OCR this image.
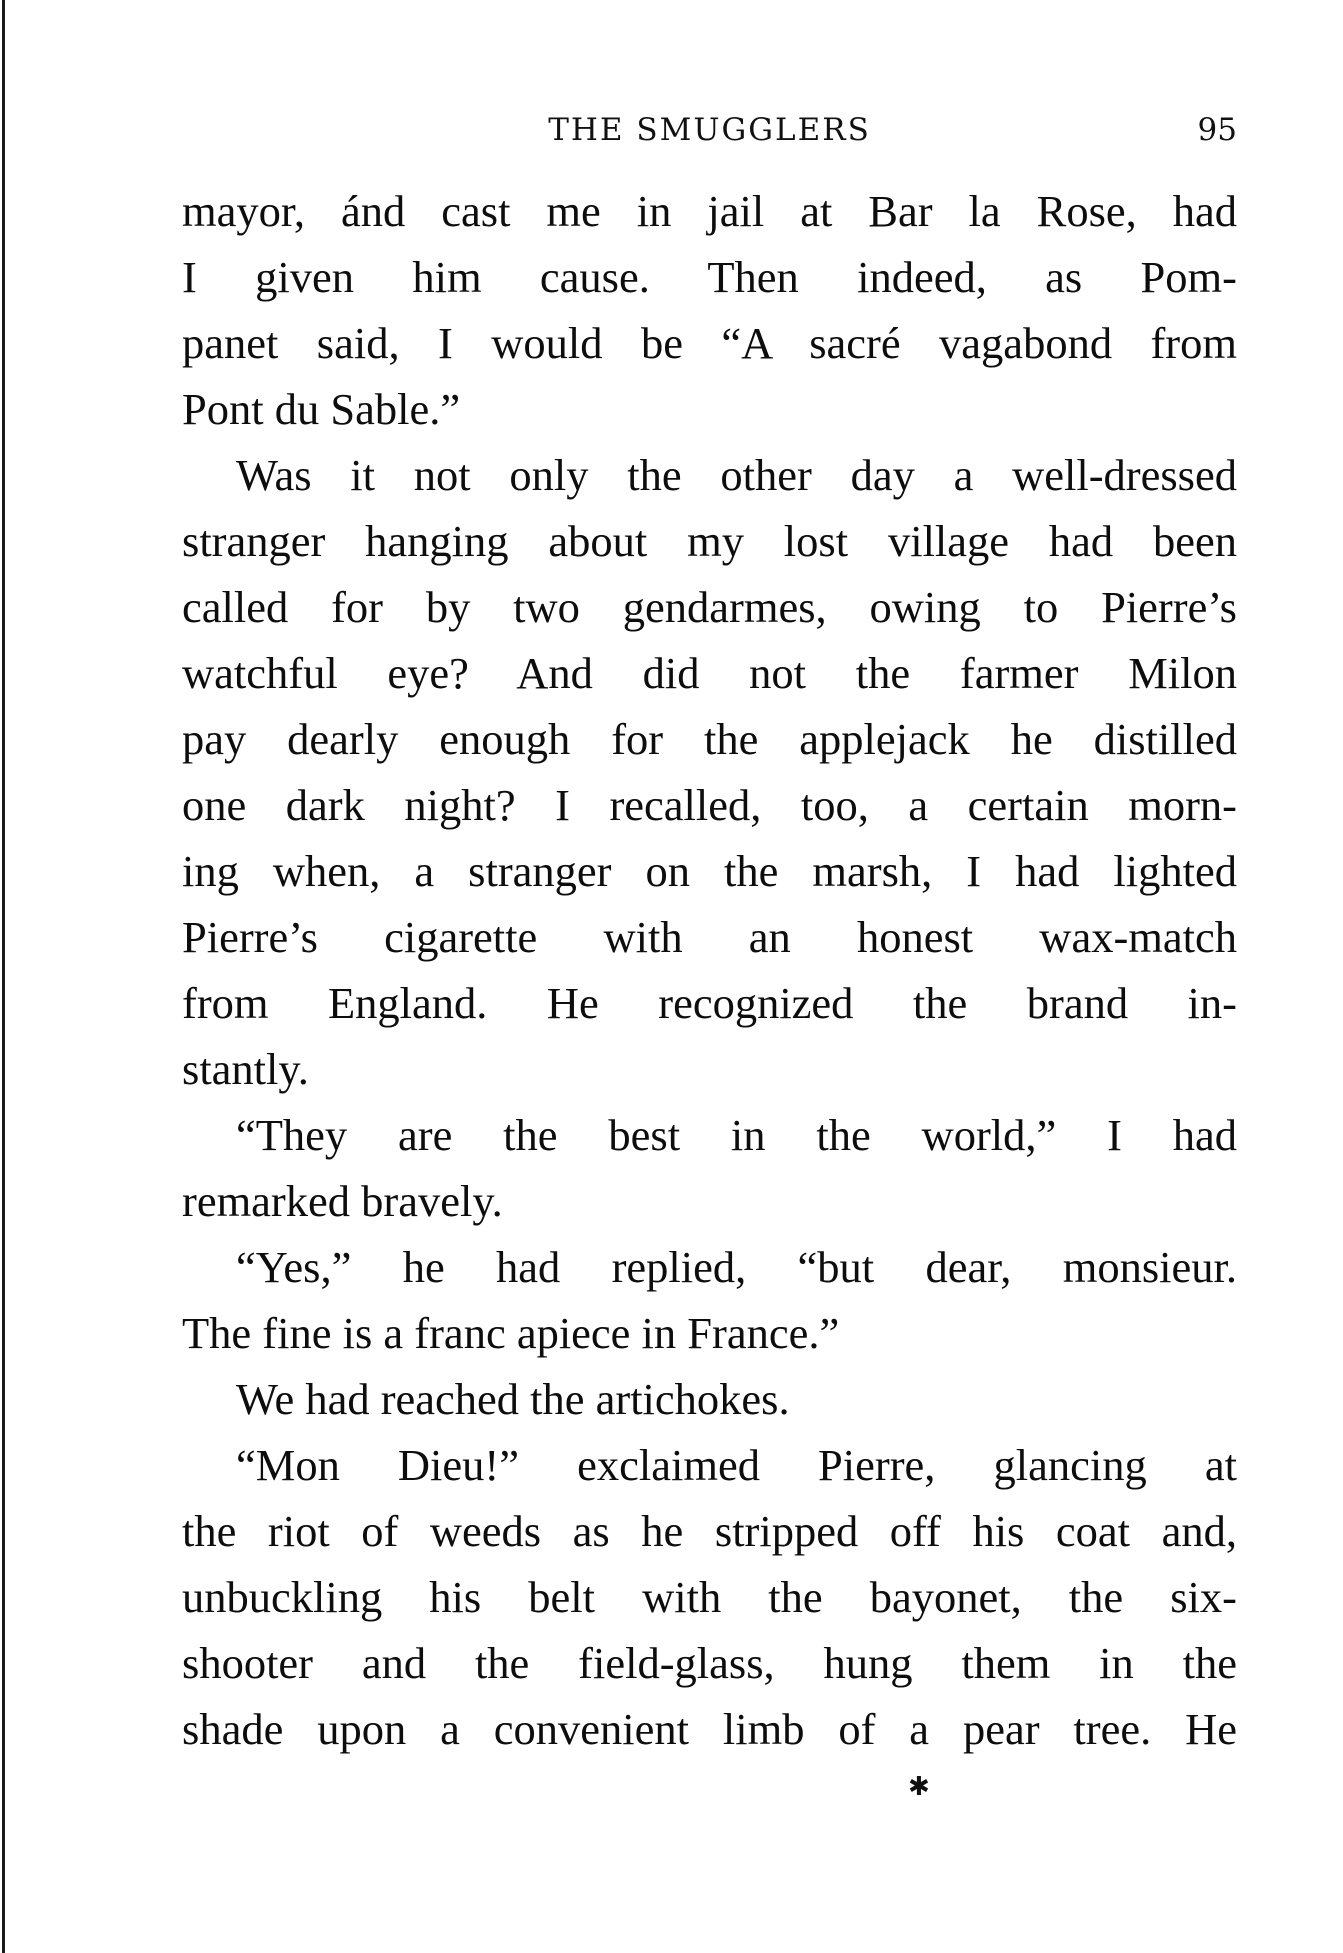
THE SMUGGLERS	95
mayor, ánd cast me in jail at Bar la Rose, had
I given him cause. Then indeed, as Pom-
panet said, I would be “A sacré vagabond from
Pont du Sable.”
Was it not only the other day a well-dressed
stranger hanging about my lost village had been
called for by two gendarmes, owing to Pierre’s
watchful eye? And did not the farmer Milon
pay dearly enough for the applejack he distilled
one dark night? I recalled, too, a certain morn-
ing when, a stranger on the marsh, I had lighted
Pierre’s cigarette with an honest wax-match
from England. He recognized the brand in-
stantly.
“They are the best in the world,” I had
remarked bravely.
“Yes,” he had replied, “but dear, monsieur.
The fine is a franc apiece in France.”
We had reached the artichokes.
“Mon Dieu!” exclaimed Pierre, glancing at
the riot of weeds as he stripped off his coat and,
unbuckling his belt with the bayonet, the six-
shooter and the field-glass, hung them in the
shade upon a convenient limb of a pear tree. He
✱
